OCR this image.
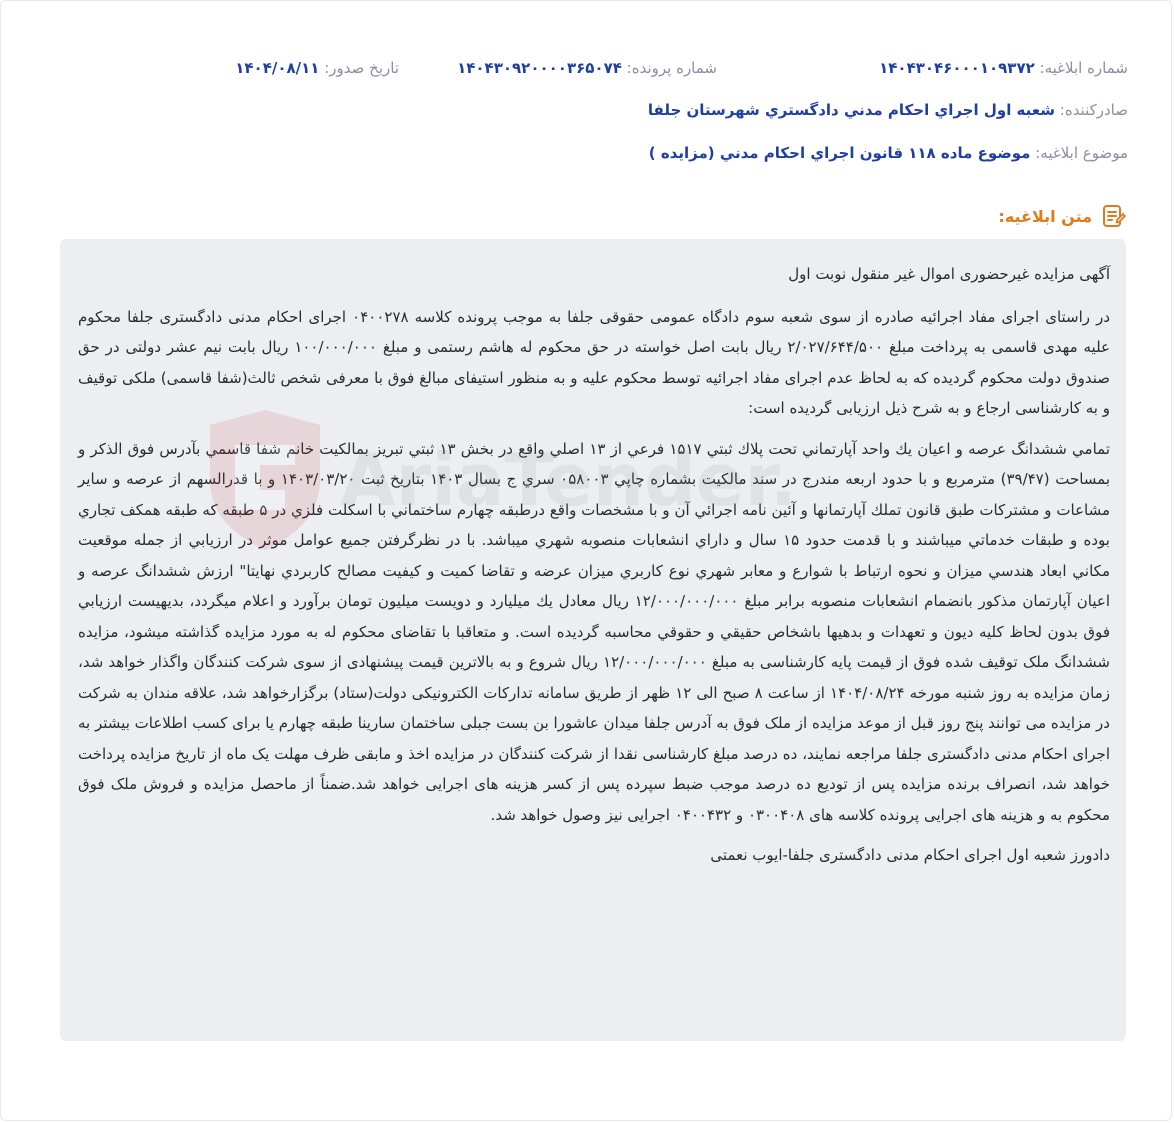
شماره ابلاغیه: ۱۴۰۴۳۰۴۶۰۰۰۱۰۹۳۷۲
شماره پرونده: ۱۴۰۴۳۰۹۲۰۰۰۰۳۶۵۰۷۴
تاریخ صدور: ۱۴۰۴/۰۸/۱۱
صادرکننده: شعبه اول اجراي احكام مدني دادگستري شهرستان جلفا
موضوع ابلاغیه: موضوع ماده ۱۱۸ قانون اجراي احكام مدني (مزايده )
متن ابلاغیه:

آگهی مزایده غیرحضوری اموال غیر منقول نوبت اول

در راستای اجرای مفاد اجرائیه صادره از سوی شعبه سوم دادگاه عمومی حقوقی جلفا به موجب پرونده کلاسه ۰۴۰۰۲۷۸ اجرای احکام مدنی دادگستری جلفا محکوم علیه مهدی قاسمی به پرداخت مبلغ ۲/۰۲۷/۶۴۴/۵۰۰ ریال بابت اصل خواسته در حق محکوم له هاشم رستمی و مبلغ ۱۰۰/۰۰۰/۰۰۰ ریال بابت نیم عشر دولتی در حق صندوق دولت محکوم گردیده که به لحاظ عدم اجرای مفاد اجرائیه توسط محکوم علیه و به منظور استیفای مبالغ فوق با معرفی شخص ثالث(شفا قاسمی) ملکی توقیف و به کارشناسی ارجاع و به شرح ذیل ارزیابی گردیده است:

تمامي ششدانگ عرصه و اعيان يك واحد آپارتماني تحت پلاك ثبتي ۱۵۱۷ فرعي از ۱۳ اصلي واقع در بخش ۱۳ ثبتي تبريز بمالكيت خانم شفا قاسمي بآدرس فوق الذكر و بمساحت (۳۹/۴۷) مترمربع و با حدود اربعه مندرج در سند مالكيت بشماره چاپي ۰۵۸۰۰۳ سري ج بسال ۱۴۰۳ بتاريخ ثبت ۱۴۰۳/۰۳/۲۰ و با قدرالسهم از عرصه و ساير مشاعات و مشتركات طبق قانون تملك آپارتمانها و آئين نامه اجرائي آن و با مشخصات واقع درطبقه چهارم ساختماني با اسكلت فلزي در ۵ طبقه كه طبقه همكف تجاري بوده و طبقات خدماتي ميباشند و با قدمت حدود ۱۵ سال و داراي انشعابات منصوبه شهري ميباشد. با در نظرگرفتن جميع عوامل موثر در ارزيابي از جمله موقعيت مكاني ابعاد هندسي ميزان و نحوه ارتباط با شوارع و معابر شهري نوع كاربري ميزان عرضه و تقاضا كميت و كيفيت مصالح كاربردي نهايتا" ارزش ششدانگ عرصه و اعيان آپارتمان مذكور بانضمام انشعابات منصوبه برابر مبلغ ۱۲/۰۰۰/۰۰۰/۰۰۰ ريال معادل يك ميليارد و دويست ميليون تومان برآورد و اعلام ميگردد، بديهيست ارزيابي فوق بدون لحاظ كليه ديون و تعهدات و بدهيها باشخاص حقيقي و حقوقي محاسبه گرديده است. و متعاقبا با تقاضای محکوم له به مورد مزایده گذاشته میشود، مزایده ششدانگ ملک توقیف شده فوق از قیمت پایه کارشناسی به مبلغ ۱۲/۰۰۰/۰۰۰/۰۰۰ ریال شروع و به بالاترین قیمت پیشنهادی از سوی شرکت کنندگان واگذار خواهد شد، زمان مزایده به روز شنبه مورخه ۱۴۰۴/۰۸/۲۴ از ساعت ۸ صبح الی ۱۲ ظهر از طریق سامانه تدارکات الکترونیکی دولت(ستاد) برگزارخواهد شد، علاقه مندان به شرکت در مزایده می توانند پنج روز قبل از موعد مزایده از ملک فوق به آدرس جلفا میدان عاشورا بن بست جبلی ساختمان سارینا طبقه چهارم یا برای کسب اطلاعات بیشتر به اجرای احکام مدنی دادگستری جلفا مراجعه نمایند، ده درصد مبلغ کارشناسی نقدا از شرکت کنندگان در مزایده اخذ و مابقی ظرف مهلت یک ماه از تاریخ مزایده پرداخت خواهد شد، انصراف برنده مزایده پس از تودیع ده درصد موجب ضبط سپرده پس از کسر هزینه های اجرایی خواهد شد.ضمناً از ماحصل مزایده و فروش ملک فوق محکوم به و هزینه های اجرایی پرونده کلاسه های ۰۳۰۰۴۰۸ و ۰۴۰۰۴۳۲ اجرایی نیز وصول خواهد شد.

دادورز شعبه اول اجرای احکام مدنی دادگستری جلفا-ایوب نعمتی
